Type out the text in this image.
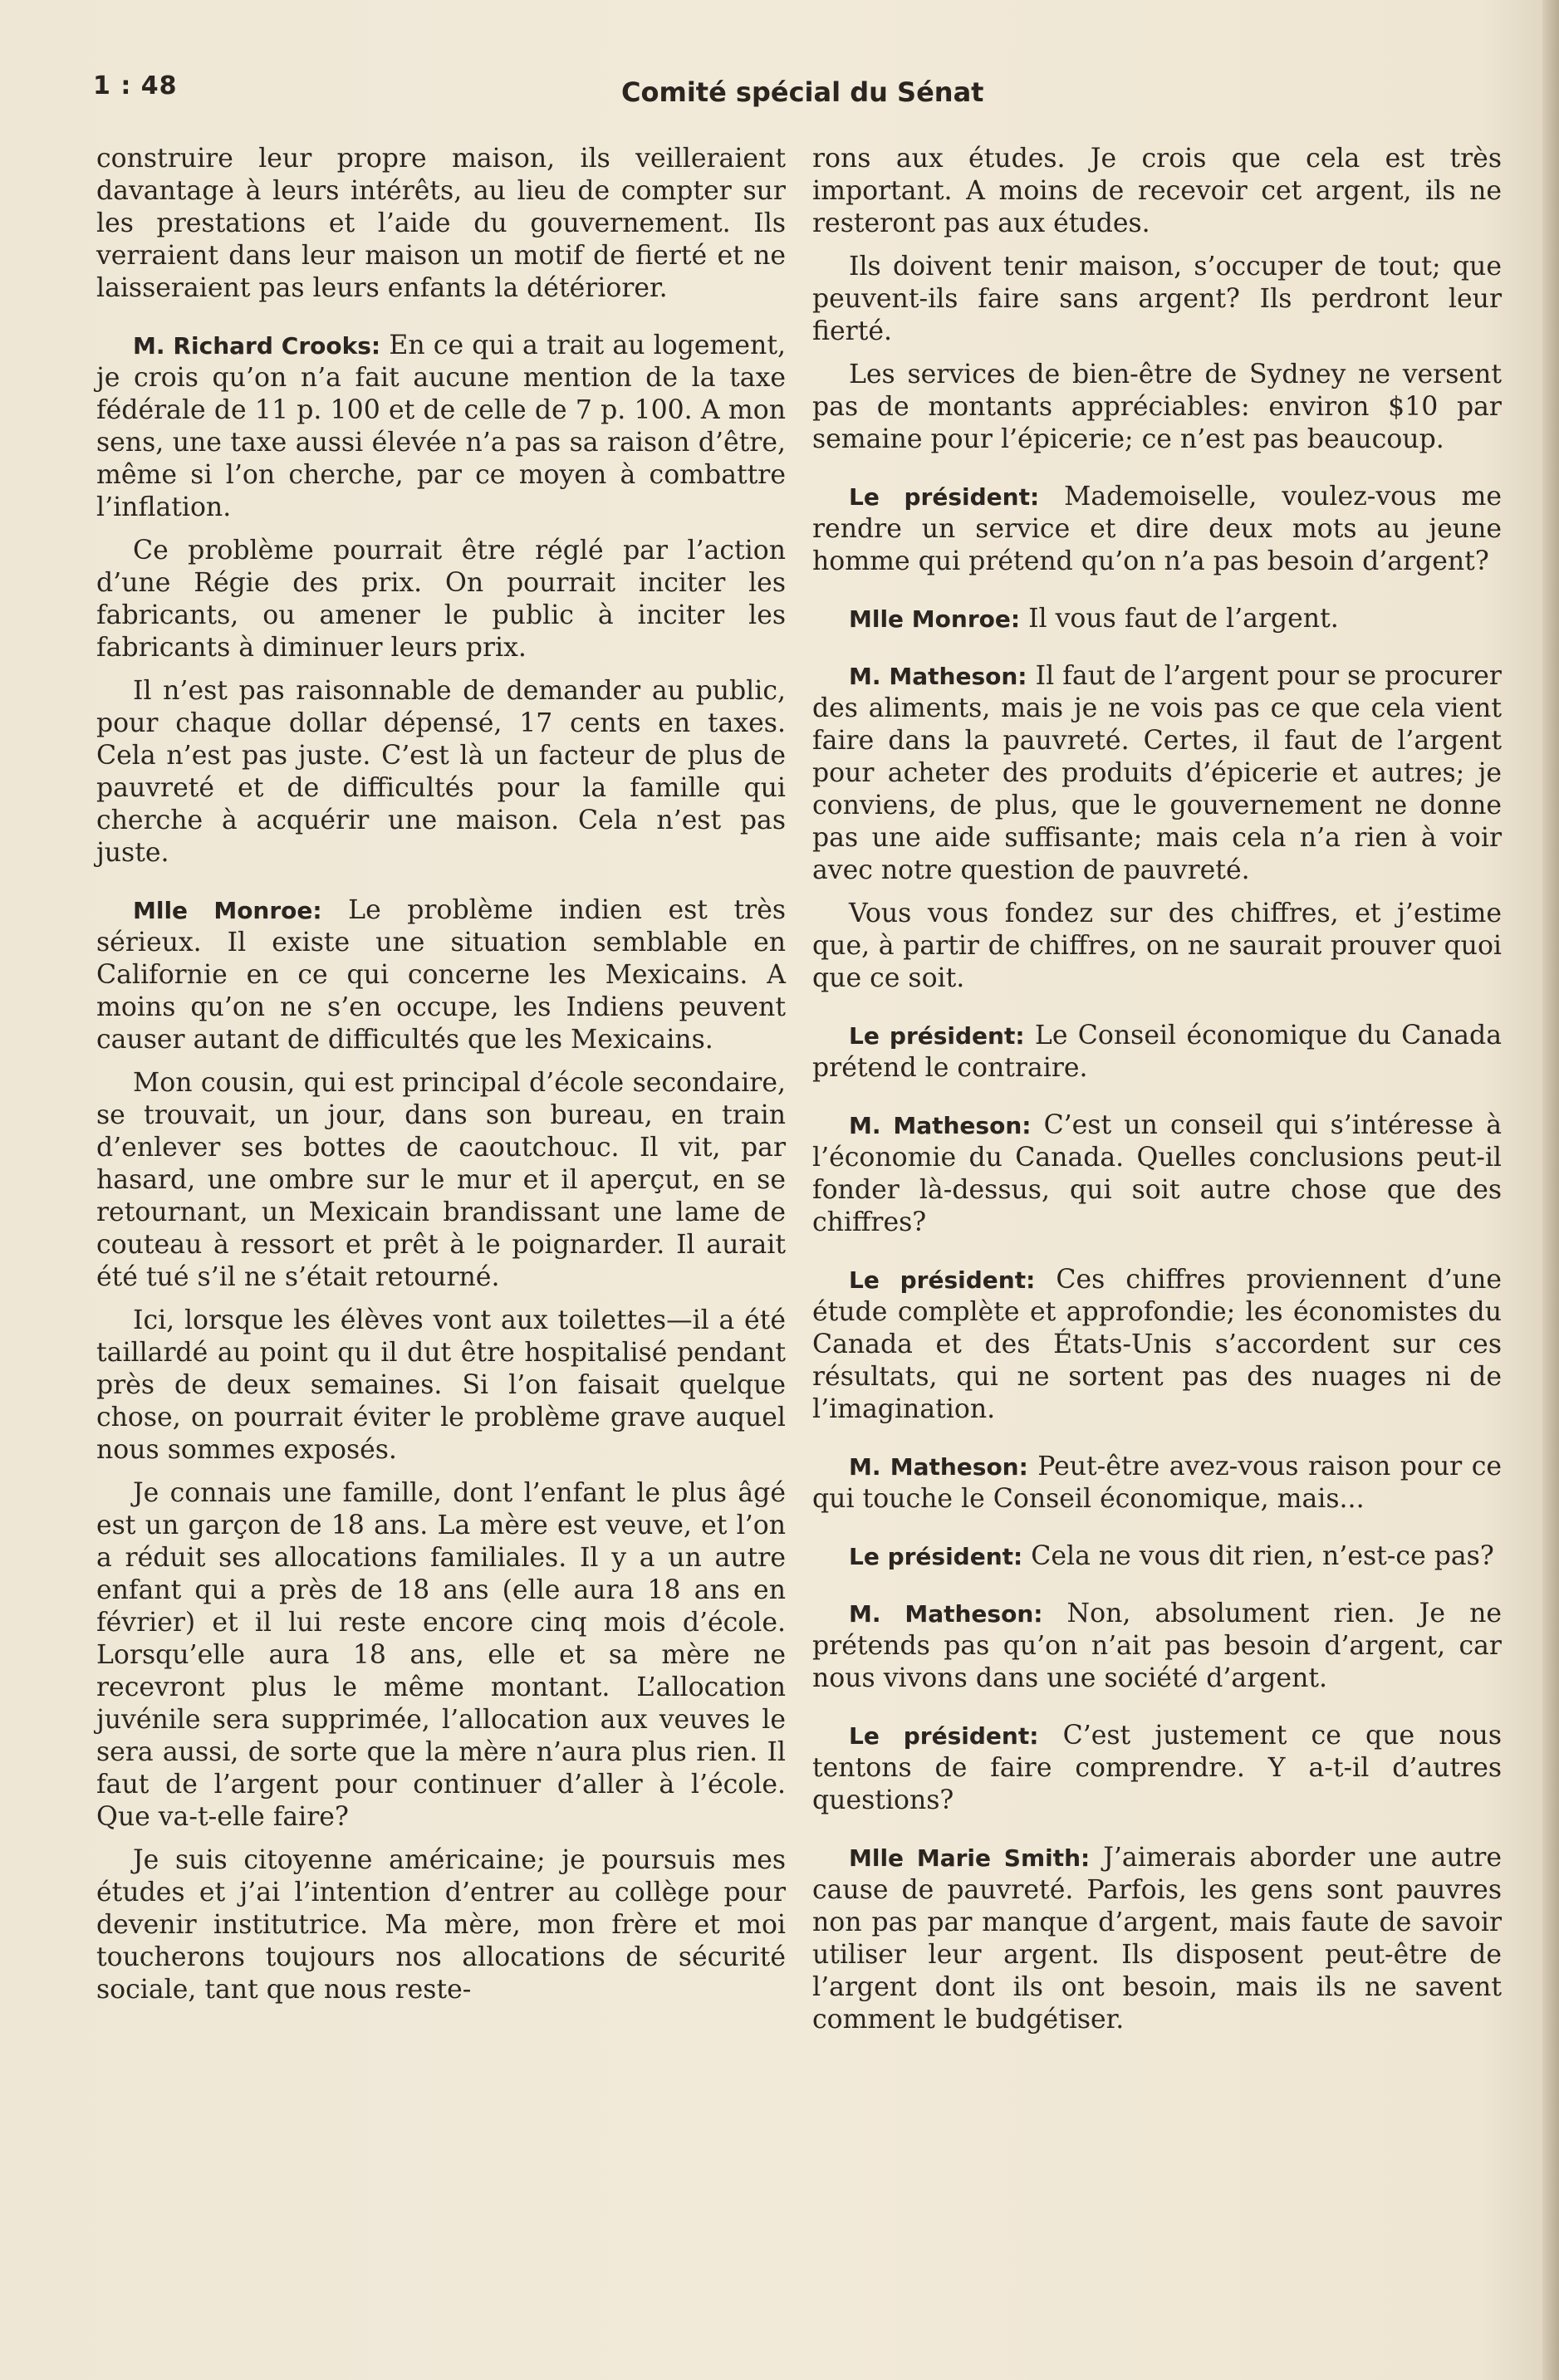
1 : 48	Comité spécial du Sénat

construire leur propre maison, ils veilleraient davantage à leurs intérêts, au lieu de compter sur les prestations et l’aide du gouvernement. Ils verraient dans leur maison un motif de fierté et ne laisseraient pas leurs enfants la détériorer.

M. Richard Crooks: En ce qui a trait au logement, je crois qu’on n’a fait aucune mention de la taxe fédérale de 11 p. 100 et de celle de 7 p. 100. A mon sens, une taxe aussi élevée n’a pas sa raison d’être, même si l’on cherche, par ce moyen à combattre l’inflation.

Ce problème pourrait être réglé par l’action d’une Régie des prix. On pourrait inciter les fabricants, ou amener le public à inciter les fabricants à diminuer leurs prix.

Il n’est pas raisonnable de demander au public, pour chaque dollar dépensé, 17 cents en taxes. Cela n’est pas juste. C’est là un facteur de plus de pauvreté et de difficultés pour la famille qui cherche à acquérir une maison. Cela n’est pas juste.

Mlle Monroe: Le problème indien est très sérieux. Il existe une situation semblable en Californie en ce qui concerne les Mexicains. A moins qu’on ne s’en occupe, les Indiens peuvent causer autant de difficultés que les Mexicains.

Mon cousin, qui est principal d’école secondaire, se trouvait, un jour, dans son bureau, en train d’enlever ses bottes de caoutchouc. Il vit, par hasard, une ombre sur le mur et il aperçut, en se retournant, un Mexicain brandissant une lame de couteau à ressort et prêt à le poignarder. Il aurait été tué s’il ne s’était retourné.

Ici, lorsque les élèves vont aux toilettes—il a été taillardé au point qu il dut être hospitalisé pendant près de deux semaines. Si l’on faisait quelque chose, on pourrait éviter le problème grave auquel nous sommes exposés.

Je connais une famille, dont l’enfant le plus âgé est un garçon de 18 ans. La mère est veuve, et l’on a réduit ses allocations familiales. Il y a un autre enfant qui a près de 18 ans (elle aura 18 ans en février) et il lui reste encore cinq mois d’école. Lorsqu’elle aura 18 ans, elle et sa mère ne recevront plus le même montant. L’allocation juvénile sera supprimée, l’allocation aux veuves le sera aussi, de sorte que la mère n’aura plus rien. Il faut de l’argent pour continuer d’aller à l’école. Que va-t-elle faire?

Je suis citoyenne américaine; je poursuis mes études et j’ai l’intention d’entrer au collège pour devenir institutrice. Ma mère, mon frère et moi toucherons toujours nos allocations de sécurité sociale, tant que nous reste-

rons aux études. Je crois que cela est très important. A moins de recevoir cet argent, ils ne resteront pas aux études.

Ils doivent tenir maison, s’occuper de tout; que peuvent-ils faire sans argent? Ils perdront leur fierté.

Les services de bien-être de Sydney ne versent pas de montants appréciables: environ $10 par semaine pour l’épicerie; ce n’est pas beaucoup.

Le président: Mademoiselle, voulez-vous me rendre un service et dire deux mots au jeune homme qui prétend qu’on n’a pas besoin d’argent?

Mlle Monroe: Il vous faut de l’argent.

M. Matheson: Il faut de l’argent pour se procurer des aliments, mais je ne vois pas ce que cela vient faire dans la pauvreté. Certes, il faut de l’argent pour acheter des produits d’épicerie et autres; je conviens, de plus, que le gouvernement ne donne pas une aide suffisante; mais cela n’a rien à voir avec notre question de pauvreté.

Vous vous fondez sur des chiffres, et j’estime que, à partir de chiffres, on ne saurait prouver quoi que ce soit.

Le président: Le Conseil économique du Canada prétend le contraire.

M. Matheson: C’est un conseil qui s’intéresse à l’économie du Canada. Quelles conclusions peut-il fonder là-dessus, qui soit autre chose que des chiffres?

Le président: Ces chiffres proviennent d’une étude complète et approfondie; les économistes du Canada et des États-Unis s’accordent sur ces résultats, qui ne sortent pas des nuages ni de l’imagination.

M. Matheson: Peut-être avez-vous raison pour ce qui touche le Conseil économique, mais...

Le président: Cela ne vous dit rien, n’est-ce pas?

M. Matheson: Non, absolument rien. Je ne prétends pas qu’on n’ait pas besoin d’argent, car nous vivons dans une société d’argent.

Le président: C’est justement ce que nous tentons de faire comprendre. Y a-t-il d’autres questions?

Mlle Marie Smith: J’aimerais aborder une autre cause de pauvreté. Parfois, les gens sont pauvres non pas par manque d’argent, mais faute de savoir utiliser leur argent. Ils disposent peut-être de l’argent dont ils ont besoin, mais ils ne savent comment le budgétiser.
